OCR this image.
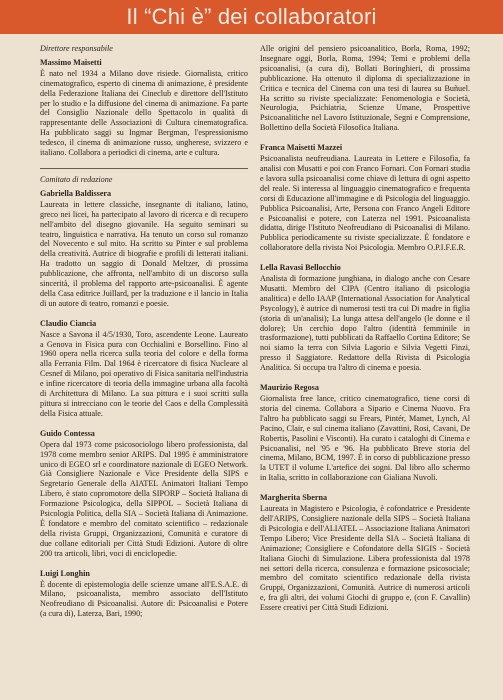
Il “Chi è” dei collaboratori

Direttore responsabile

Massimo Maisetti

È nato nel 1934 a Milano dove risiede. Giornalista, critico cinematografico, esperto di cinema di animazione, è presidente della Federazione Italiana dei Cineclub e direttore dell'Istituto per lo studio e la diffusione del cinema di animazione. Fa parte del Consiglio Nazionale dello Spettacolo in qualità di rappresentante delle Associazioni di Cultura cinematografica. Ha pubblicato saggi su Ingmar Bergman, l'espressionismo tedesco, il cinema di animazione russo, ungherese, svizzero e italiano. Collabora a periodici di cinema, arte e cultura.

Comitato di redazione

Gabriella Baldissera

Laureata in lettere classiche, insegnante di italiano, latino, greco nei licei, ha partecipato al lavoro di ricerca e di recupero nell'ambito del disegno giovanile. Ha seguito seminari su teatro, linguistica e narrativa. Ha tenuto un corso sul romanzo del Novecento e sul mito. Ha scritto su Pinter e sul problema della creatività. Autrice di biografie e profili di letterati italiani. Ha tradotto un saggio di Donald Meltzer, di prossima pubblicazione, che affronta, nell'ambito di un discorso sulla sincerità, il problema del rapporto arte-psicoanalisi. È agente della Casa editrice Juillard, per la traduzione e il lancio in Italia di un autore di teatro, romanzi e poesie.

Claudio Ciancia

Nasce a Savona il 4/5/1930, Toro, ascendente Leone. Laureato a Genova in Fisica pura con Occhialini e Borsellino. Fino al 1960 opera nella ricerca sulla teoria del colore e della forma alla Ferrania Film. Dal 1964 è ricercatore di fisica Nucleare al Cesnef di Milano, poi operativo di Fisica sanitaria nell'industria e infine ricercatore di teoria della immagine urbana alla facoltà di Architettura di Milano. La sua pittura e i suoi scritti sulla pittura si intrecciano con le teorie del Caos e della Complessità della Fisica attuale.

Guido Contessa

Opera dal 1973 come psicosociologo libero professionista, dal 1978 come membro senior ARIPS. Dal 1995 è amministratore unico di EGEO srl e coordinatore nazionale di EGEO Network. Già Consigliere Nazionale e Vice Presidente della SIPS e Segretario Generale della AIATEL Animatori Italiani Tempo Libero, è stato copromotore della SIPORP – Società Italiana di Formazione Psicologica, della SIPPOL – Società Italiana di Psicologia Politica, della SIA – Società Italiana di Animazione. È fondatore e membro del comitato scientifico – redazionale della rivista Gruppi, Organizzazioni, Comunità e curatore di due collane editoriali per Città Studi Edizioni. Autore di oltre 200 tra articoli, libri, voci di enciclopedie.

Luigi Longhin

È docente di epistemologia delle scienze umane all'E.S.A.E. di Milano, psicoanalista, membro associato dell'Istituto Neofreudiano di Psicoanalisi. Autore di: Psicoanalisi e Potere (a cura di), Laterza, Bari, 1990;

Alle origini del pensiero psicoanalitico, Borla, Roma, 1992; Insegnare oggi, Borla, Roma, 1994; Temi e problemi della psicoanalisi, (a cura di), Bollati Boringhieri, di prossima pubblicazione. Ha ottenuto il diploma di specializzazione in Critica e tecnica del Cinema con una tesi di laurea su Buñuel. Ha scritto su riviste specializzate: Fenomenologia e Società, Neurologia, Psichiatria, Scienze Umane, Prospettive Psicoanalitiche nel Lavoro Istituzionale, Segni e Comprensione, Bollettino della Società Filosofica Italiana.

Franca Maisetti Mazzei

Psicoanalista neufreudiana. Laureata in Lettere e Filosofia, fa analisi con Musatti e poi con Franco Fornari. Con Fornari studia e lavora sulla psicoanalisi come chiave di lettura di ogni aspetto del reale. Si interessa al linguaggio cinematografico e frequenta corsi di Educazione all'immagine e di Psicologia del linguaggio. Pubblica Psicoanalisi, Arte, Persona con Franco Angeli Editore e Psicoanalisi e potere, con Laterza nel 1991. Psicoanalista didatta, dirige l'Istituto Neofreudiano di Psicoanalisi di Milano. Pubblica periodicamente su riviste specializzate. È fondatore e collaboratore della rivista Noi Psicologia. Membro O.P.I.F.E.R.

Lella Ravasi Bellocchio

Analista di formazione junghiana, in dialogo anche con Cesare Musatti. Membro del CIPA (Centro italiano di psicologia analitica) e dello IAAP (International Association for Analytical Psycology), è autrice di numerosi testi tra cui Di madre in figlia (storia di un'analisi); La lunga attesa dell'angelo (le donne e il dolore); Un cerchio dopo l'altro (identità femminile in trasformazione), tutti pubblicati da Raffaello Cortina Editore; Se noi siamo la terra con Silvia Lagorio e Silvia Vegetti Finzi, presso il Saggiatore. Redattore della Rivista di Psicologia Analitica. Si occupa tra l'altro di cinema e poesia.

Maurizio Regosa

Giornalista free lance, critico cinematografico, tiene corsi di storia del cinema. Collabora a Sipario e Cinema Nuovo. Fra l'altro ha pubblicato saggi su Frears, Pintér, Mamet, Lynch, Al Pacino, Clair, e sul cinema italiano (Zavattini, Rosi, Cavani, De Robertis, Pasolini e Visconti). Ha curato i cataloghi di Cinema e Psicoanalisi, nel '95 e '96. Ha pubblicato Breve storia del cinema, Milano, BCM, 1997. È in corso di pubblicazione presso la UTET il volume L'artefice dei sogni. Dal libro allo schermo in Italia, scritto in collaborazione con Gialiana Nuvoli.

Margherita Sberna

Laureata in Magistero e Psicologia, è cofondatrice e Presidente dell'ARIPS, Consigliere nazionale della SIPS – Società Italiana di Psicologia e dell'ALIATEL – Associazione Italiana Animatori Tempo Libero; Vice Presidente della SIA – Società Italiana di Animazione; Consigliere e Cofondatore della SIGIS - Società Italiana Giochi di Simulazione. Libera professionista dal 1978 nei settori della ricerca, consulenza e formazione psicosociale; membro del comitato scientifico redazionale della rivista Gruppi, Organizzazioni, Comunità. Autrice di numerosi articoli e, fra gli altri, dei volumi Giochi di gruppo e, (con F. Cavallin) Essere creativi per Città Studi Edizioni.
